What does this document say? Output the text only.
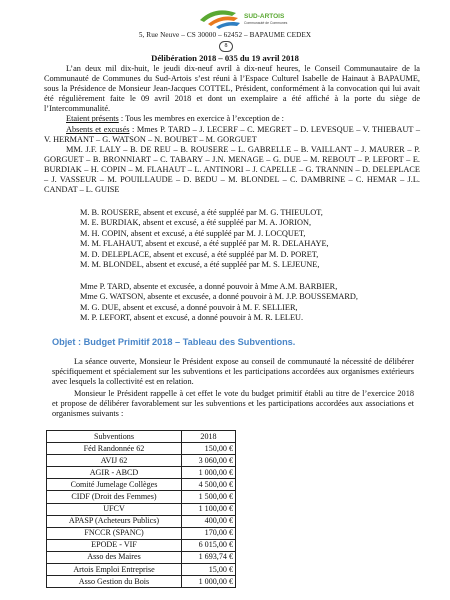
SUD-ARTOIS
Communauté de Communes
5, Rue Neuve – CS 30000 – 62452 – BAPAUME CEDEX
8
Délibération 2018 – 035 du 19 avril 2018

L’an deux mil dix-huit, le jeudi dix-neuf avril à dix-neuf heures, le Conseil Communautaire de la Communauté de Communes du Sud-Artois s’est réuni à l’Espace Culturel Isabelle de Hainaut à BAPAUME, sous la Présidence de Monsieur Jean-Jacques COTTEL, Président, conformément à la convocation qui lui avait été régulièrement faite le 09 avril 2018 et dont un exemplaire a été affiché à la porte du siège de l’Intercommunalité.

Etaient présents : Tous les membres en exercice à l’exception de :

Absents et excusés : Mmes P. TARD – J. LECERF – C. MEGRET – D. LEVESQUE – V. THIEBAUT – V. HERMANT – G. WATSON – N. BOUBET – M. GORGUET

MM. J.F. LALY – B. DE REU – B. ROUSERE – L. GABRELLE – B. VAILLANT – J. MAURER – P. GORGUET – B. BRONNIART – C. TABARY – J.N. MENAGE – G. DUE – M. REBOUT – P. LEFORT – E. BURDIAK – H. COPIN – M. FLAHAUT – L. ANTINORI – J. CAPELLE – G. TRANNIN – D. DELEPLACE – J. VASSEUR – M. POUILLAUDE – D. BEDU – M. BLONDEL – C. DAMBRINE – C. HEMAR – J.L. CANDAT – L. GUISE

M. B. ROUSERE, absent et excusé, a été suppléé par M. G. THIEULOT,
M. E. BURDIAK, absent et excusé, a été suppléé par M. A. JORION,
M. H. COPIN, absent et excusé, a été suppléé par M. J. LOCQUET,
M. M. FLAHAUT, absent et excusé, a été suppléé par M. R. DELAHAYE,
M. D. DELEPLACE, absent et excusé, a été suppléé par M. D. PORET,
M. M. BLONDEL, absent et excusé, a été suppléé par M. S. LEJEUNE,
Mme P. TARD, absente et excusée, a donné pouvoir à Mme A.M. BARBIER,
Mme G. WATSON, absente et excusée, a donné pouvoir à M. J.P. BOUSSEMARD,
M. G. DUE, absent et excusé, a donné pouvoir à M. F. SELLIER,
M. P. LEFORT, absent et excusé, a donné pouvoir à M. R. LELEU.
Objet : Budget Primitif 2018 – Tableau des Subventions.

La séance ouverte, Monsieur le Président expose au conseil de communauté la nécessité de délibérer spécifiquement et spécialement sur les subventions et les participations accordées aux organismes extérieurs avec lesquels la collectivité est en relation.

Monsieur le Président rappelle à cet effet le vote du budget primitif établi au titre de l’exercice 2018 et propose de délibérer favorablement sur les subventions et les participations accordées aux associations et organismes suivants :

Subventions	2018
Féd Randonnée 62	150,00 €
AVIJ 62	3 060,00 €
AGIR - ABCD	1 000,00 €
Comité Jumelage Collèges	4 500,00 €
CIDF (Droit des Femmes)	1 500,00 €
UFCV	1 100,00 €
APASP (Acheteurs Publics)	400,00 €
FNCCR (SPANC)	170,00 €
EPODE - VIF	6 015,00 €
Asso des Maires	1 693,74 €
Artois Emploi Entreprise	15,00 €
Asso Gestion du Bois	1 000,00 €
